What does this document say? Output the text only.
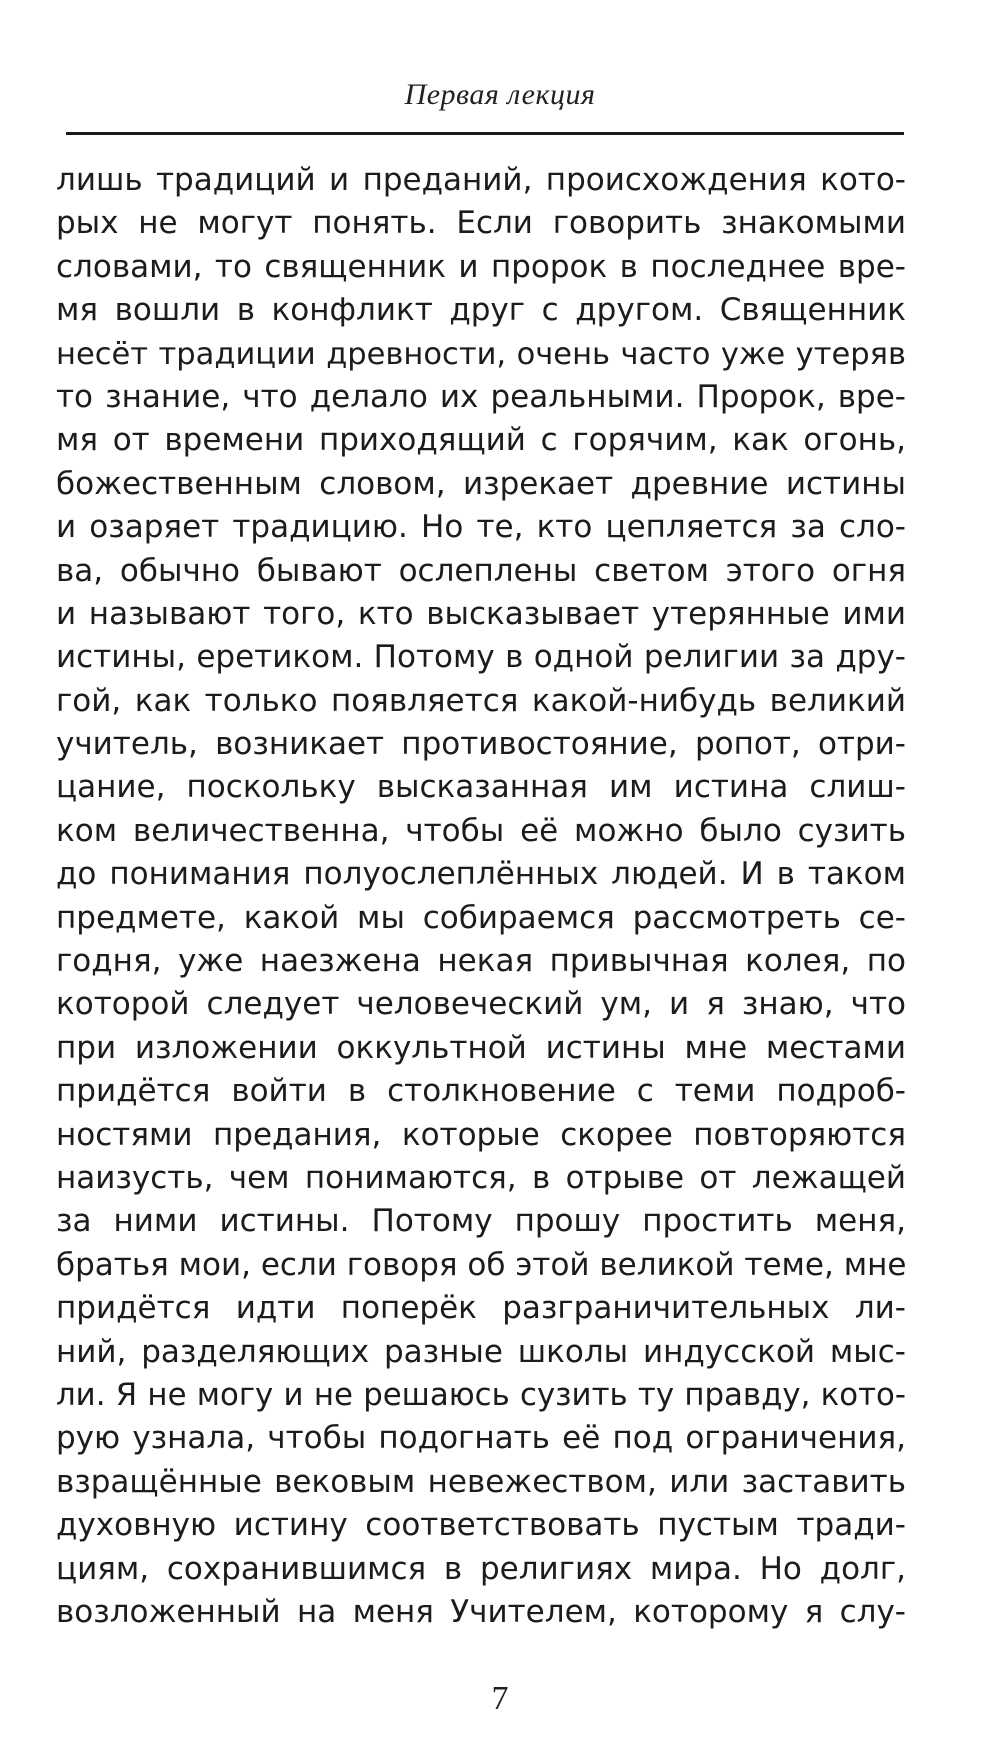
Первая лекция
лишь традиций и преданий, происхождения кото-
рых не могут понять. Если говорить знакомыми
словами, то священник и пророк в последнее вре-
мя вошли в конфликт друг с другом. Священник
несёт традиции древности, очень часто уже утеряв
то знание, что делало их реальными. Пророк, вре-
мя от времени приходящий с горячим, как огонь,
божественным словом, изрекает древние истины
и озаряет традицию. Но те, кто цепляется за сло-
ва, обычно бывают ослеплены светом этого огня
и называют того, кто высказывает утерянные ими
истины, еретиком. Потому в одной религии за дру-
гой, как только появляется какой-нибудь великий
учитель, возникает противостояние, ропот, отри-
цание, поскольку высказанная им истина слиш-
ком величественна, чтобы её можно было сузить
до понимания полуослеплённых людей. И в таком
предмете, какой мы собираемся рассмотреть се-
годня, уже наезжена некая привычная колея, по
которой следует человеческий ум, и я знаю, что
при изложении оккультной истины мне местами
придётся войти в столкновение с теми подроб-
ностями предания, которые скорее повторяются
наизусть, чем понимаются, в отрыве от лежащей
за ними истины. Потому прошу простить меня,
братья мои, если говоря об этой великой теме, мне
придётся идти поперёк разграничительных ли-
ний, разделяющих разные школы индусской мыс-
ли. Я не могу и не решаюсь сузить ту правду, кото-
рую узнала, чтобы подогнать её под ограничения,
взращённые вековым невежеством, или заставить
духовную истину соответствовать пустым тради-
циям, сохранившимся в религиях мира. Но долг,
возложенный на меня Учителем, которому я слу-
7
